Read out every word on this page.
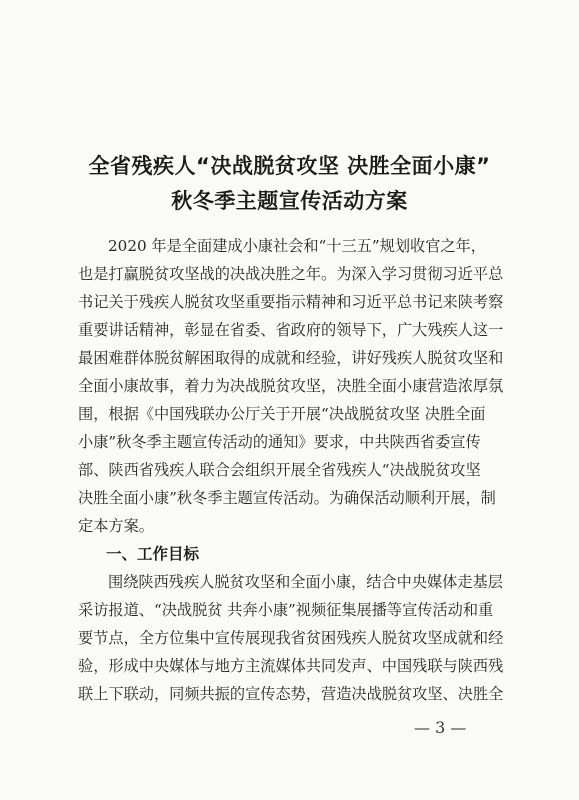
全省残疾人“决战脱贫攻坚 决胜全面小康”
秋冬季主题宣传活动方案
2020 年是全面建成小康社会和“十三五”规划收官之年，
也是打赢脱贫攻坚战的决战决胜之年。为深入学习贯彻习近平总
书记关于残疾人脱贫攻坚重要指示精神和习近平总书记来陕考察
重要讲话精神，彰显在省委、省政府的领导下，广大残疾人这一
最困难群体脱贫解困取得的成就和经验，讲好残疾人脱贫攻坚和
全面小康故事，着力为决战脱贫攻坚，决胜全面小康营造浓厚氛
围，根据《中国残联办公厅关于开展“决战脱贫攻坚 决胜全面
小康”秋冬季主题宣传活动的通知》要求，中共陕西省委宣传
部、陕西省残疾人联合会组织开展全省残疾人“决战脱贫攻坚
决胜全面小康”秋冬季主题宣传活动。为确保活动顺利开展，制
定本方案。
一、工作目标
围绕陕西残疾人脱贫攻坚和全面小康，结合中央媒体走基层
采访报道、“决战脱贫 共奔小康”视频征集展播等宣传活动和重
要节点，全方位集中宣传展现我省贫困残疾人脱贫攻坚成就和经
验，形成中央媒体与地方主流媒体共同发声、中国残联与陕西残
联上下联动，同频共振的宣传态势，营造决战脱贫攻坚、决胜全
— 3 —
